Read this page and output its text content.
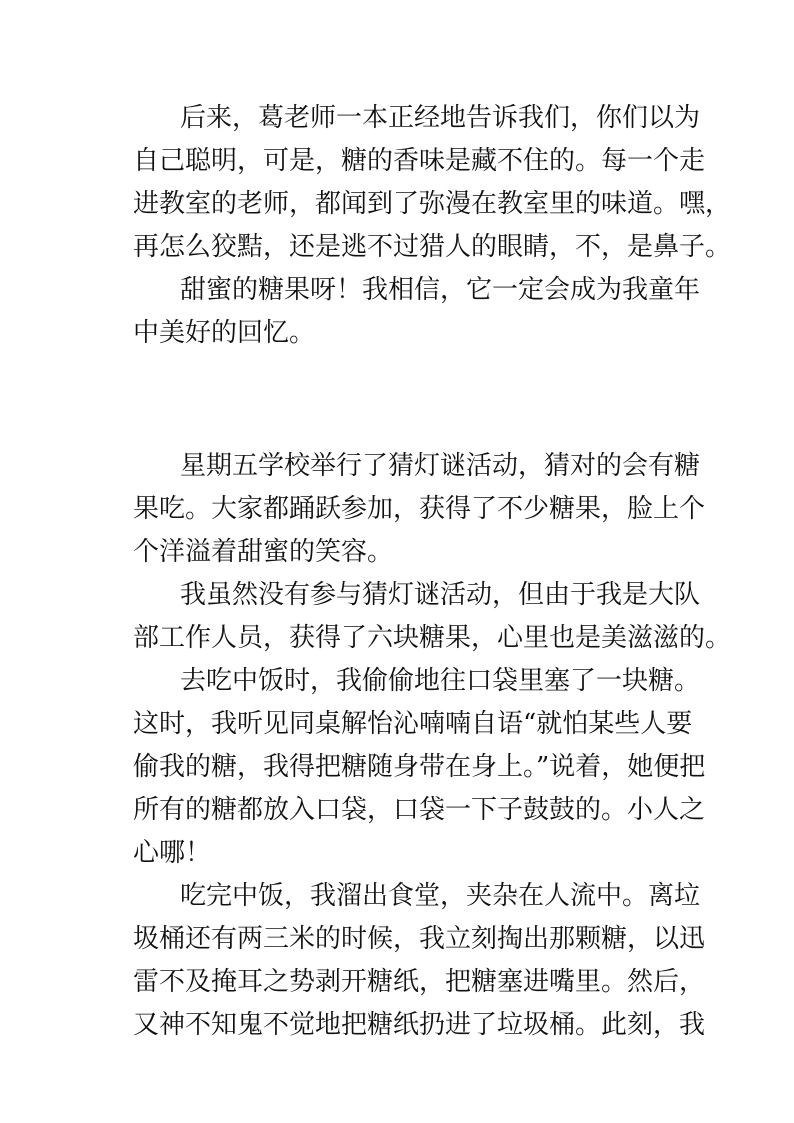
后来，葛老师一本正经地告诉我们，你们以为
自己聪明，可是，糖的香味是藏不住的。每一个走
进教室的老师，都闻到了弥漫在教室里的味道。嘿，
再怎么狡黠，还是逃不过猎人的眼睛，不，是鼻子。
甜蜜的糖果呀！我相信，它一定会成为我童年
中美好的回忆。
星期五学校举行了猜灯谜活动，猜对的会有糖
果吃。大家都踊跃参加，获得了不少糖果，脸上个
个洋溢着甜蜜的笑容。
我虽然没有参与猜灯谜活动，但由于我是大队
部工作人员，获得了六块糖果，心里也是美滋滋的。
去吃中饭时，我偷偷地往口袋里塞了一块糖。
这时，我听见同桌解怡沁喃喃自语“就怕某些人要
偷我的糖，我得把糖随身带在身上。”说着，她便把
所有的糖都放入口袋，口袋一下子鼓鼓的。小人之
心哪！
吃完中饭，我溜出食堂，夹杂在人流中。离垃
圾桶还有两三米的时候，我立刻掏出那颗糖，以迅
雷不及掩耳之势剥开糖纸，把糖塞进嘴里。然后，
又神不知鬼不觉地把糖纸扔进了垃圾桶。此刻，我
